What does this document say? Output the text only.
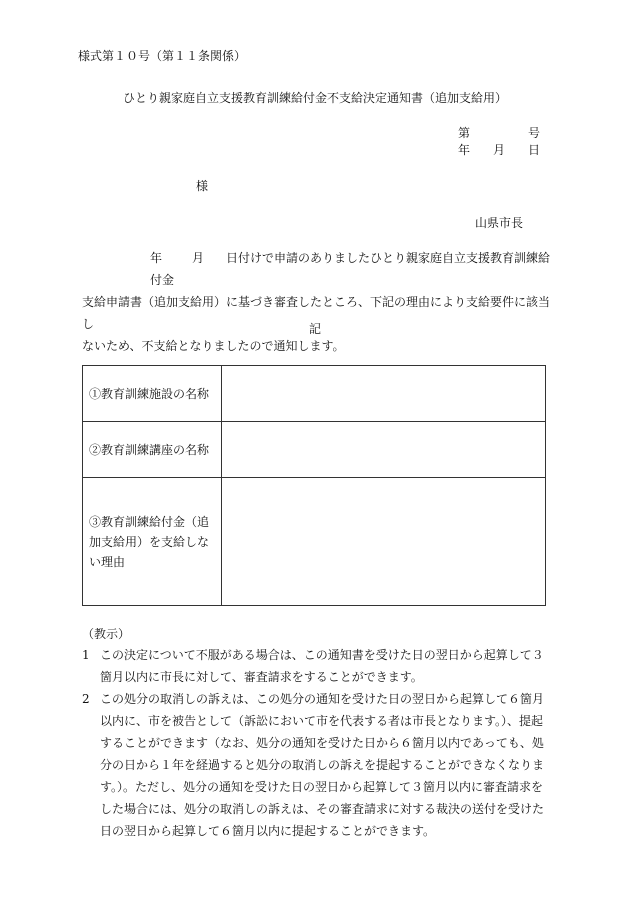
様式第１０号（第１１条関係）
ひとり親家庭自立支援教育訓練給付金不支給決定通知書（追加支給用）
第	号
年 月 日
様
山県市長
年	月 日付けで申請のありましたひとり親家庭自立支援教育訓練給付金
支給申請書（追加支給用）に基づき審査したところ、下記の理由により支給要件に該当し
ないため、不支給となりましたので通知します。
記
①教育訓練施設の名称	
②教育訓練講座の名称	
③教育訓練給付金（追加支給用）を支給しない理由	
（教示）
1 この決定について不服がある場合は、この通知書を受けた日の翌日から起算して３箇月以内に市長に対して、審査請求をすることができます。
2 この処分の取消しの訴えは、この処分の通知を受けた日の翌日から起算して６箇月以内に、市を被告として（訴訟において市を代表する者は市長となります。）、提起することができます（なお、処分の通知を受けた日から６箇月以内であっても、処分の日から１年を経過すると処分の取消しの訴えを提起することができなくなります。）。ただし、処分の通知を受けた日の翌日から起算して３箇月以内に審査請求をした場合には、処分の取消しの訴えは、その審査請求に対する裁決の送付を受けた日の翌日から起算して６箇月以内に提起することができます。
